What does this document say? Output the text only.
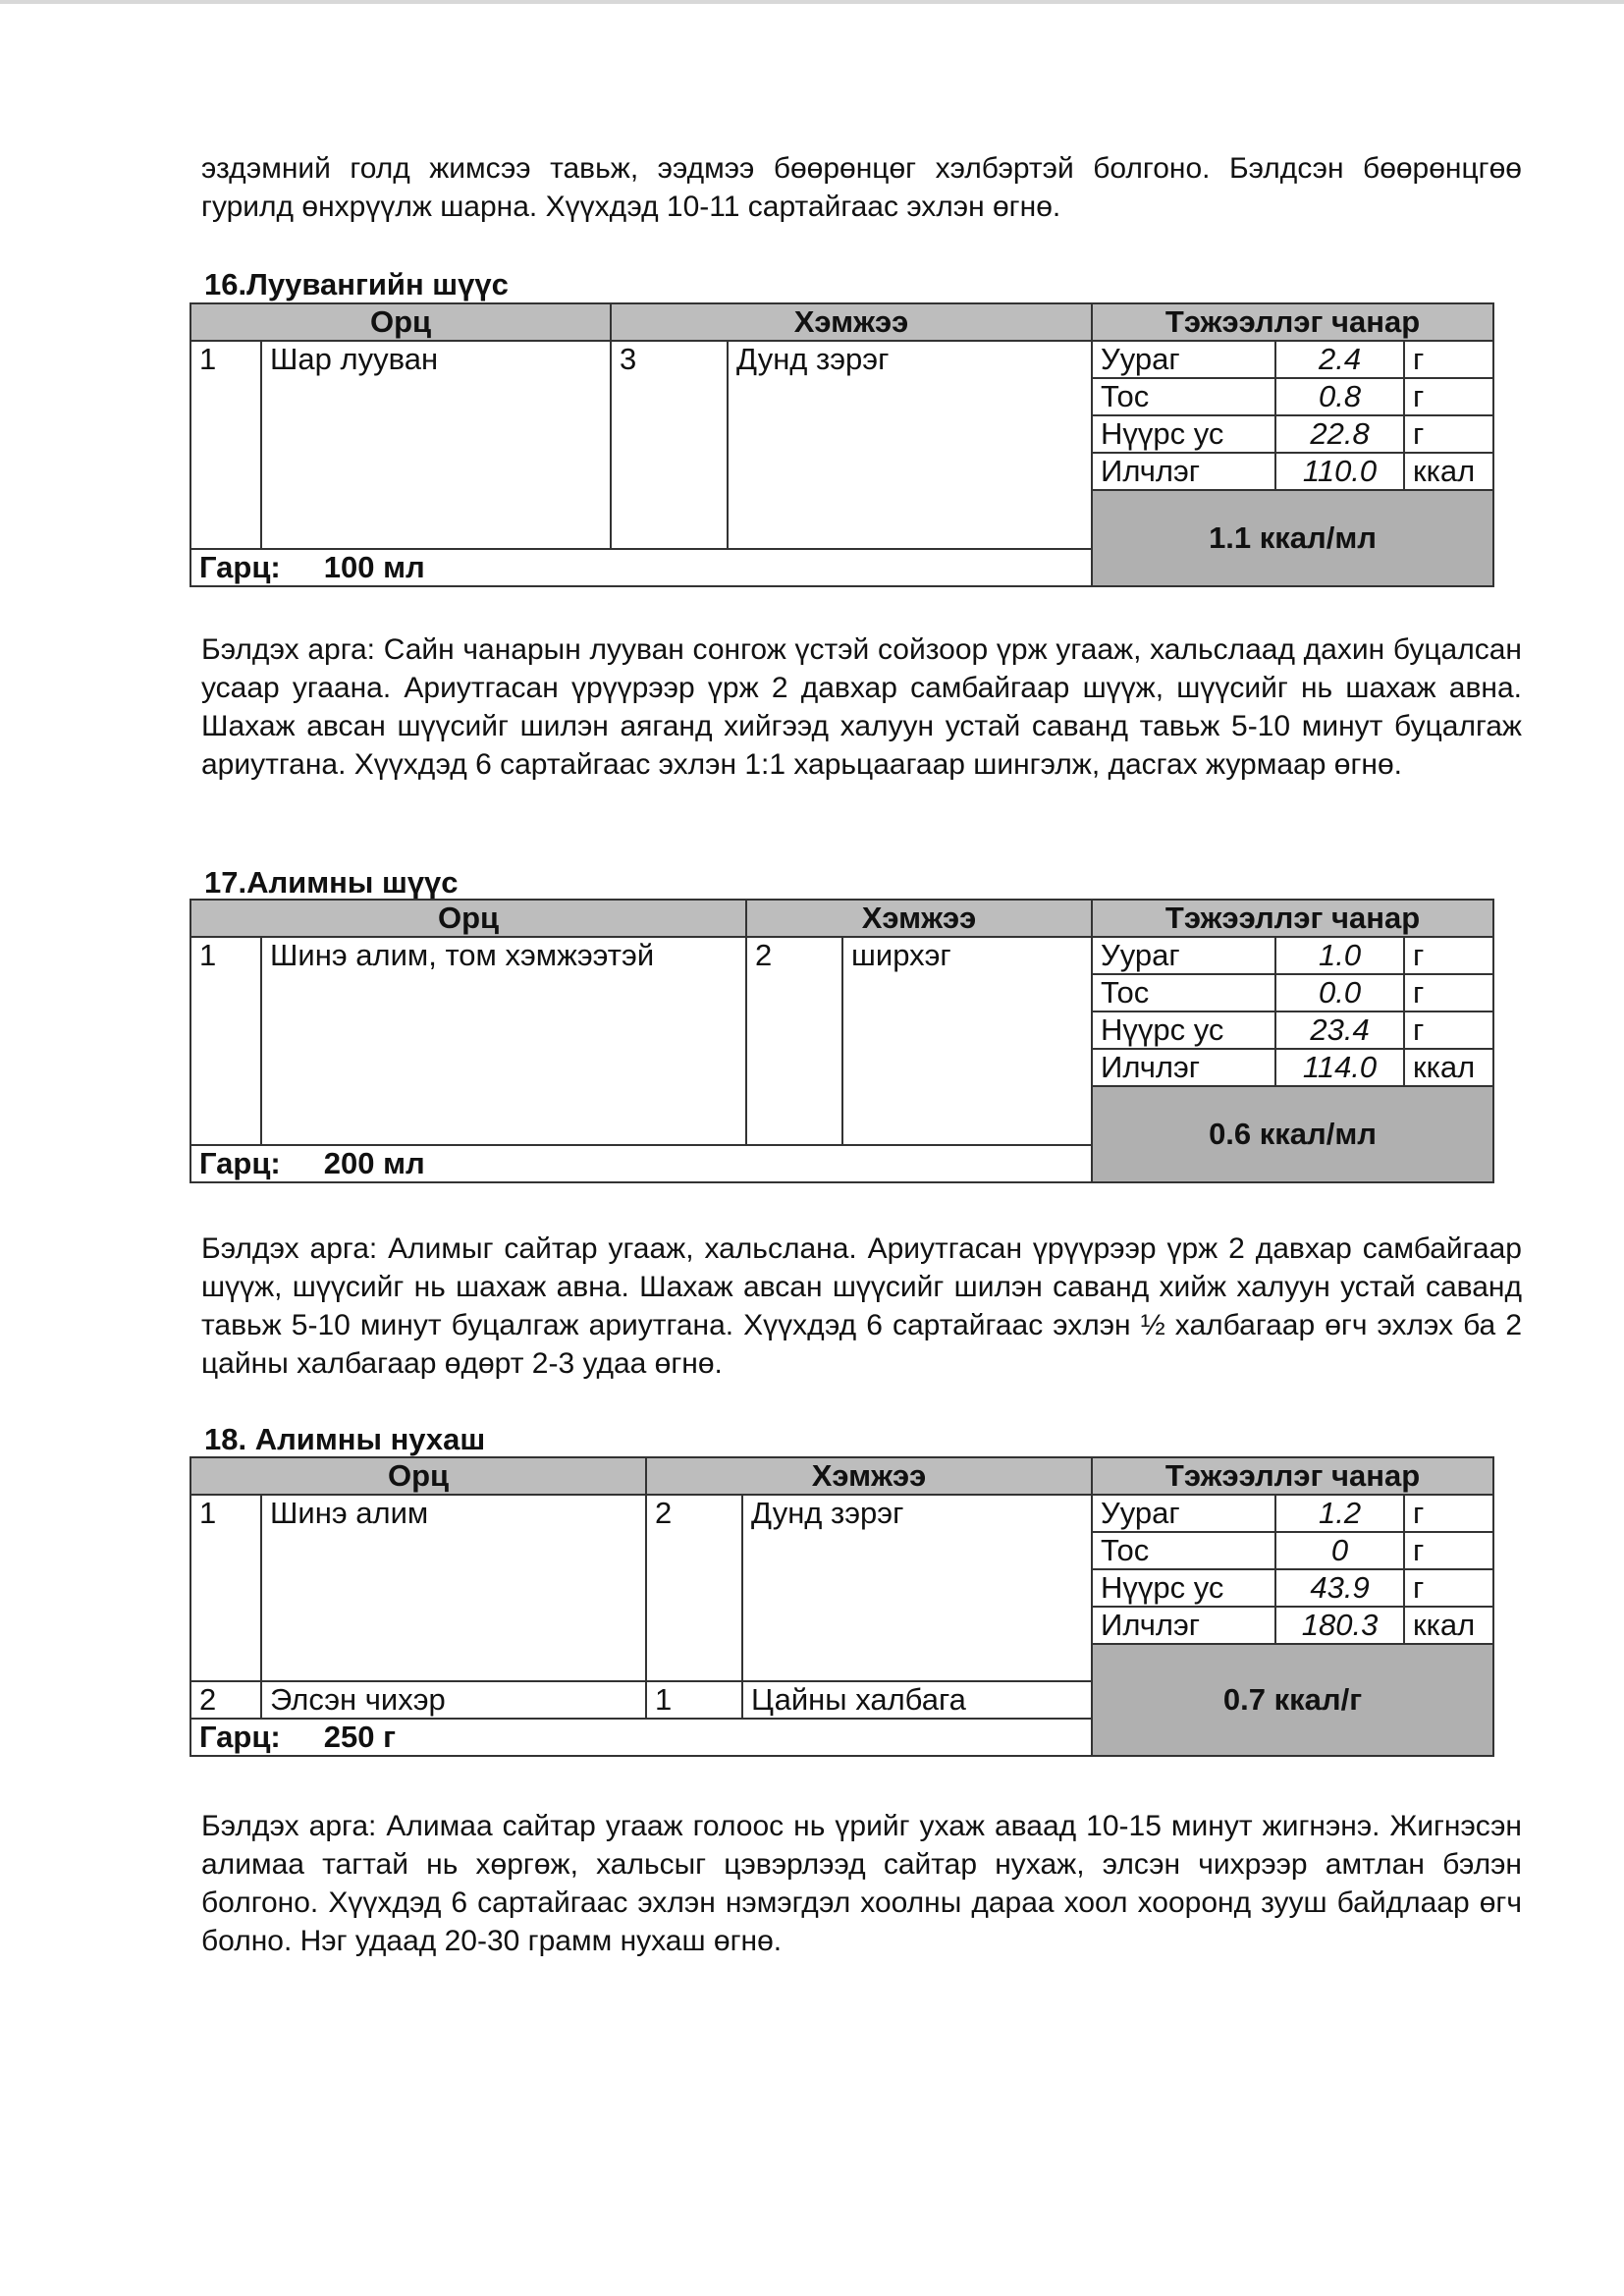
эздэмний голд жимсээ тавьж, ээдмээ бөөрөнцөг хэлбэртэй болгоно. Бэлдсэн бөөрөнцгөө гурилд өнхрүүлж шарна. Хүүхдэд 10-11 сартайгаас эхлэн өгнө.

16.Луувангийн шүүс
Орц		Хэмжээ		Тэжээллэг чанар		
1	Шар лууван	3	Дунд зэрэг	Уураг	2.4	г
				Тос	0.8	г
				Нүүрс ус	22.8	г
				Илчлэг	110.0	ккал
				1.1 ккал/мл		
Гарц: 100 мл						

Бэлдэх арга: Сайн чанарын лууван сонгож үстэй сойзоор үрж угааж, хальслаад дахин буцалсан усаар угаана. Ариутгасан үрүүрээр үрж 2 давхар самбайгаар шүүж, шүүсийг нь шахаж авна. Шахаж авсан шүүсийг шилэн аяганд хийгээд халуун устай саванд тавьж 5-10 минут буцалгаж ариутгана. Хүүхдэд 6 сартайгаас эхлэн 1:1 харьцаагаар шингэлж, дасгах журмаар өгнө.

17.Алимны шүүс
Орц		Хэмжээ		Тэжээллэг чанар		
1	Шинэ алим, том хэмжээтэй	2	ширхэг	Уураг	1.0	г
				Тос	0.0	г
				Нүүрс ус	23.4	г
				Илчлэг	114.0	ккал
				0.6 ккал/мл		
Гарц: 200 мл						

Бэлдэх арга: Алимыг сайтар угааж, хальслана. Ариутгасан үрүүрээр үрж 2 давхар самбайгаар шүүж, шүүсийг нь шахаж авна. Шахаж авсан шүүсийг шилэн саванд хийж халуун устай саванд тавьж 5-10 минут буцалгаж ариутгана. Хүүхдэд 6 сартайгаас эхлэн ½ халбагаар өгч эхлэх ба 2 цайны халбагаар өдөрт 2-3 удаа өгнө.

18. Алимны нухаш
Орц		Хэмжээ		Тэжээллэг чанар		
1	Шинэ алим	2	Дунд зэрэг	Уураг	1.2	г
				Тос	0	г
				Нүүрс ус	43.9	г
				Илчлэг	180.3	ккал
				0.7 ккал/г		
2	Элсэн чихэр	1	Цайны халбага			
Гарц: 250 г						

Бэлдэх арга: Алимаа сайтар угааж голоос нь үрийг ухаж аваад 10-15 минут жигнэнэ. Жигнэсэн алимаа тагтай нь хөргөж, хальсыг цэвэрлээд сайтар нухаж, элсэн чихрээр амтлан бэлэн болгоно. Хүүхдэд 6 сартайгаас эхлэн нэмэгдэл хоолны дараа хоол хооронд зууш байдлаар өгч болно. Нэг удаад 20-30 грамм нухаш өгнө.
